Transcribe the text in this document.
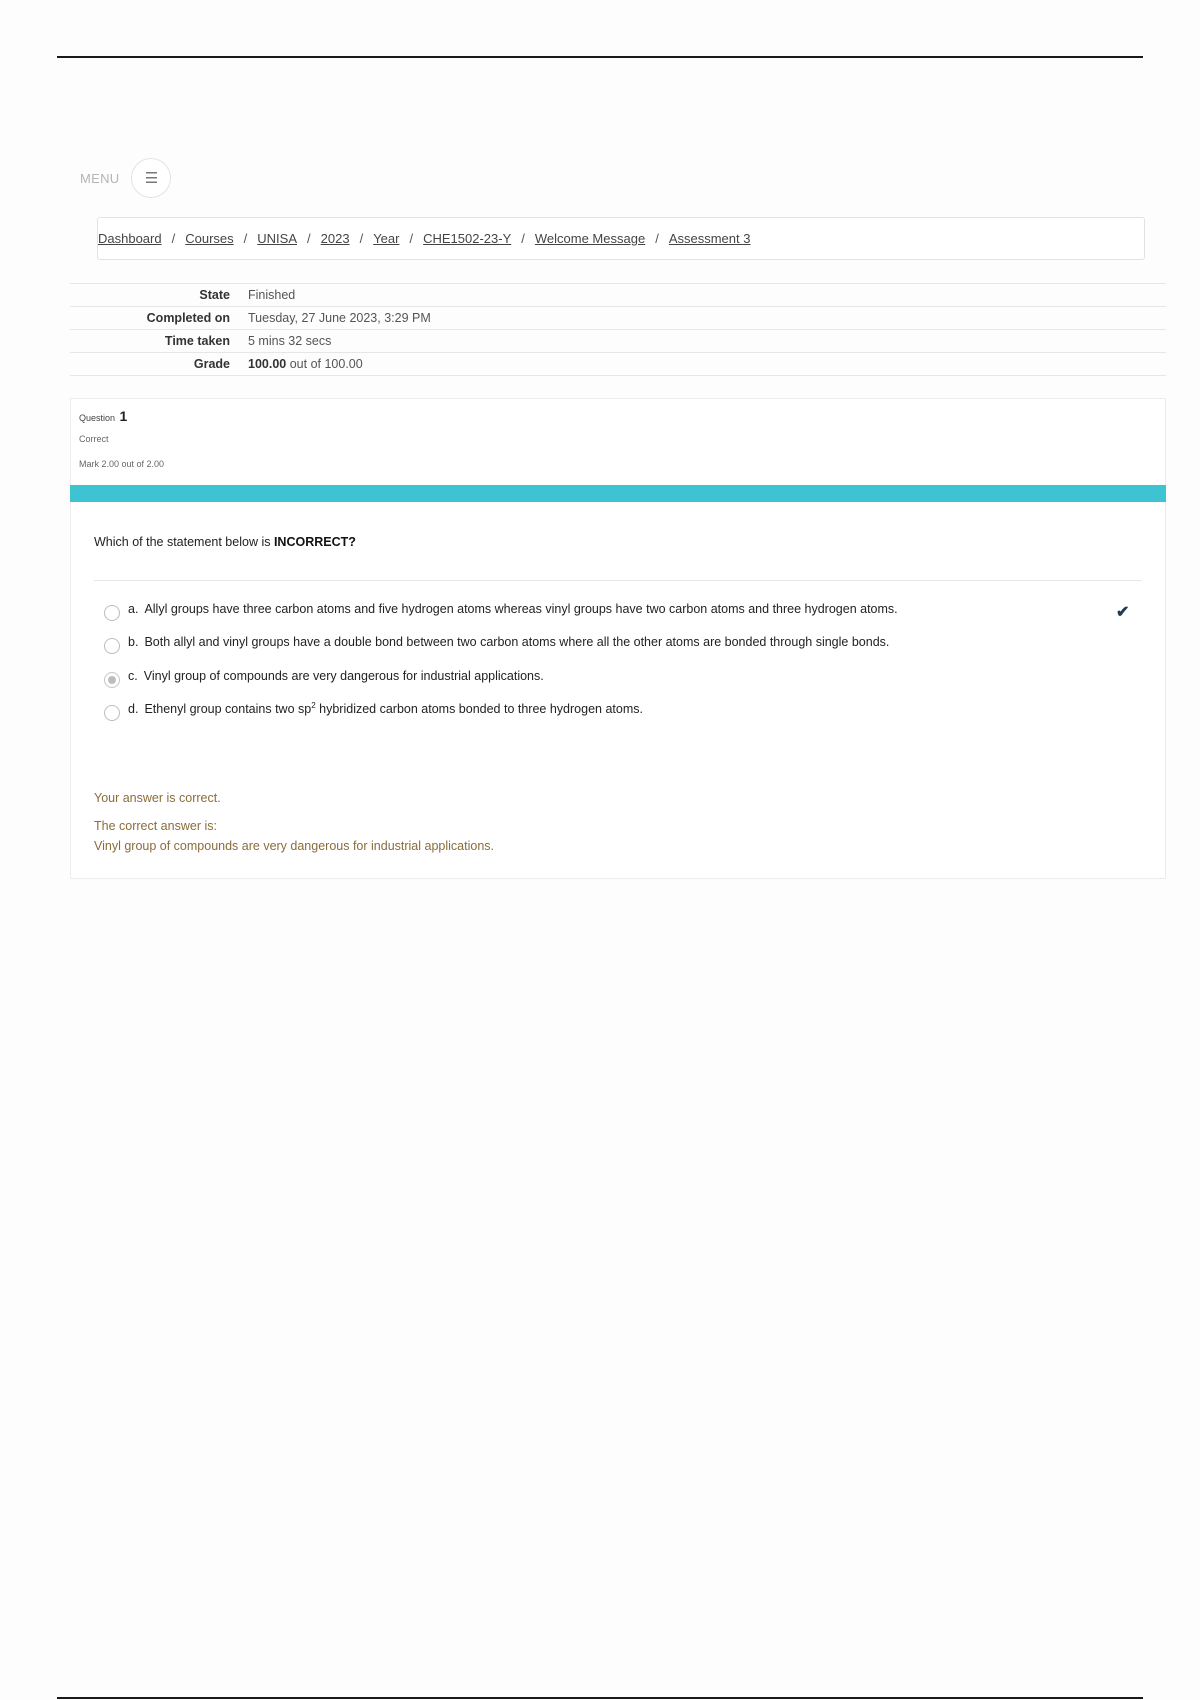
MENU ☰
Dashboard / Courses / UNISA / 2023 / Year / CHE1502-23-Y / Welcome Message / Assessment 3
State	Finished
Completed on	Tuesday, 27 June 2023, 3:29 PM
Time taken	5 mins 32 secs
Grade	100.00 out of 100.00
Question 1
Correct
Mark 2.00 out of 2.00
Which of the statement below is INCORRECT?
a. Allyl groups have three carbon atoms and five hydrogen atoms whereas vinyl groups have two carbon atoms and three hydrogen atoms.
b. Both allyl and vinyl groups have a double bond between two carbon atoms where all the other atoms are bonded through single bonds.
c. Vinyl group of compounds are very dangerous for industrial applications.
d. Ethenyl group contains two $sp^2$ hybridized carbon atoms bonded to three hydrogen atoms.
✔
Your answer is correct.
The correct answer is:
Vinyl group of compounds are very dangerous for industrial applications.
